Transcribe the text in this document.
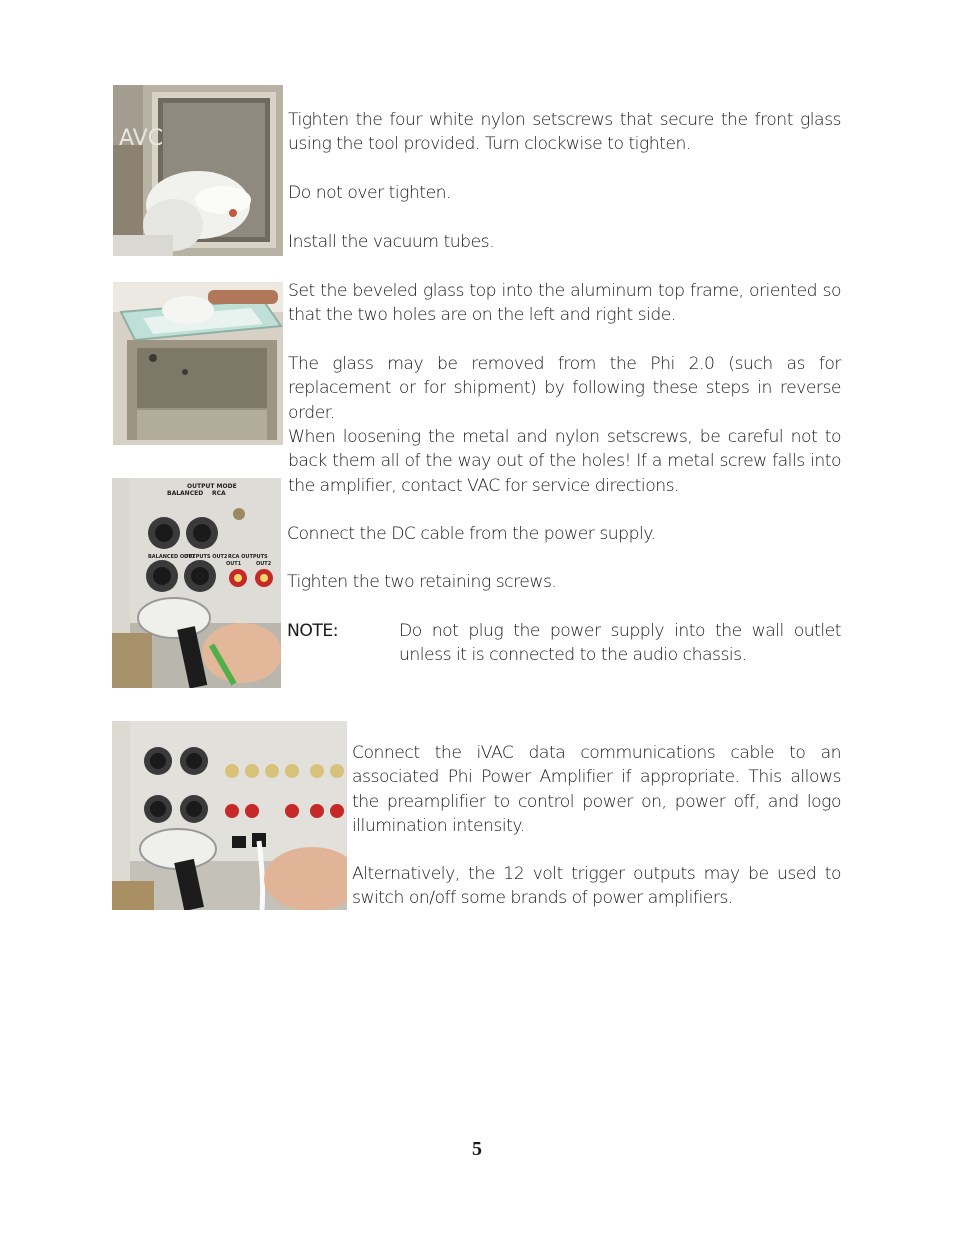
AVC

Tighten the four white nylon setscrews that secure the front glass using the tool provided. Turn clockwise to tighten.

Do not over tighten.

Install the vacuum tubes.

Set the beveled glass top into the aluminum top frame, oriented so that the two holes are on the left and right side.

The glass may be removed from the Phi 2.0 (such as for replacement or for shipment) by following these steps in reverse order.

When loosening the metal and nylon setscrews, be careful not to back them all of the way out of the holes! If a metal screw falls into the amplifier, contact VAC for service directions.

OUTPUT MODE
BALANCED RCA
BALANCED OUT1
OUTPUTS OUT2 RCA OUTPUTS
OUT1	OUT2

Connect the DC cable from the power supply.

Tighten the two retaining screws.

NOTE:	Do not plug the power supply into the wall outlet unless it is connected to the audio chassis.

Connect the iVAC data communications cable to an associated Phi Power Amplifier if appropriate. This allows the preamplifier to control power on, power off, and logo illumination intensity.

Alternatively, the 12 volt trigger outputs may be used to switch on/off some brands of power amplifiers.

5
